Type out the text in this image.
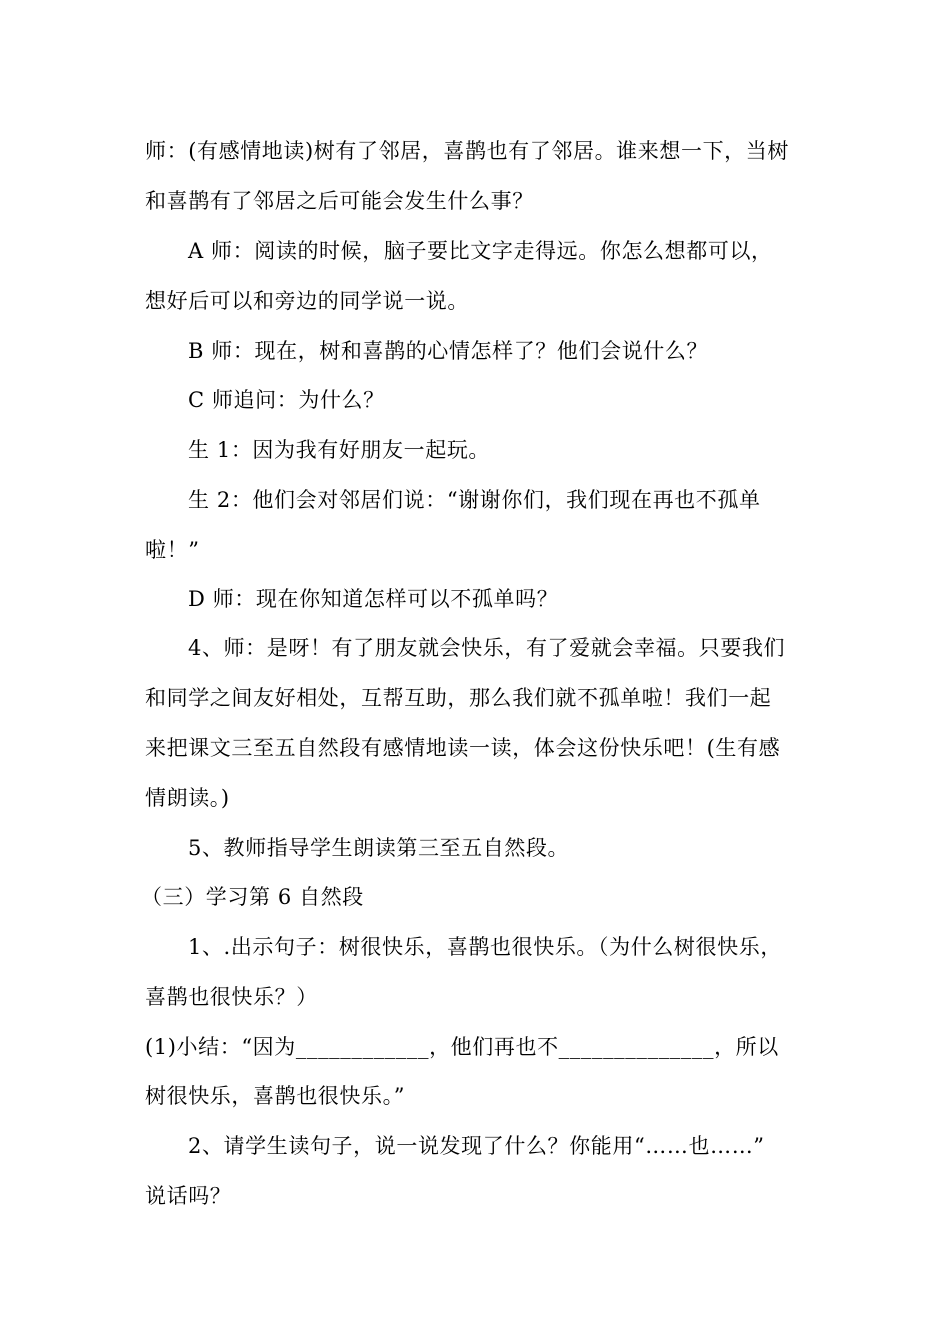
师：(有感情地读)树有了邻居，喜鹊也有了邻居。谁来想一下，当树
和喜鹊有了邻居之后可能会发生什么事？
A 师：阅读的时候，脑子要比文字走得远。你怎么想都可以，
想好后可以和旁边的同学说一说。
B 师：现在，树和喜鹊的心情怎样了？他们会说什么？
C 师追问：为什么？
生 1：因为我有好朋友一起玩。
生 2：他们会对邻居们说：“谢谢你们，我们现在再也不孤单
啦！”
D 师：现在你知道怎样可以不孤单吗？
4、师：是呀！有了朋友就会快乐，有了爱就会幸福。只要我们
和同学之间友好相处，互帮互助，那么我们就不孤单啦！我们一起
来把课文三至五自然段有感情地读一读，体会这份快乐吧！(生有感
情朗读。)
5、教师指导学生朗读第三至五自然段。
（三）学习第 6 自然段
1、.出示句子：树很快乐，喜鹊也很快乐。（为什么树很快乐，
喜鹊也很快乐？）
(1)小结：“因为____________，他们再也不______________，所以
树很快乐，喜鹊也很快乐。”
2、请学生读句子，说一说发现了什么？你能用“……也……”
说话吗？
